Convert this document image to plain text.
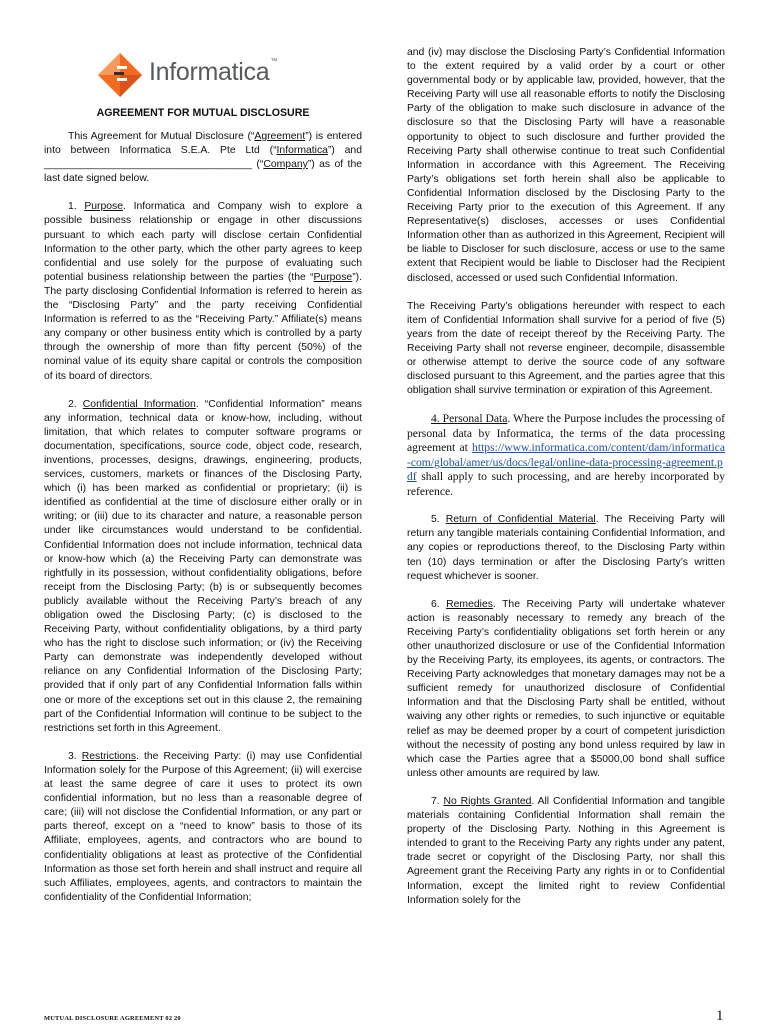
Informatica™
AGREEMENT FOR MUTUAL DISCLOSURE

This Agreement for Mutual Disclosure (“Agreement”) is entered into between Informatica S.E.A. Pte Ltd (“Informatica”) and ____________________________________ (“Company”) as of the last date signed below.

1. Purpose. Informatica and Company wish to explore a possible business relationship or engage in other discussions pursuant to which each party will disclose certain Confidential Information to the other party, which the other party agrees to keep confidential and use solely for the purpose of evaluating such potential business relationship between the parties (the “Purpose”). The party disclosing Confidential Information is referred to herein as the “Disclosing Party” and the party receiving Confidential Information is referred to as the “Receiving Party.” Affiliate(s) means any company or other business entity which is controlled by a party through the ownership of more than fifty percent (50%) of the nominal value of its equity share capital or controls the composition of its board of directors.

2. Confidential Information. “Confidential Information” means any information, technical data or know-how, including, without limitation, that which relates to computer software programs or documentation, specifications, source code, object code, research, inventions, processes, designs, drawings, engineering, products, services, customers, markets or finances of the Disclosing Party, which (i) has been marked as confidential or proprietary; (ii) is identified as confidential at the time of disclosure either orally or in writing; or (iii) due to its character and nature, a reasonable person under like circumstances would understand to be confidential. Confidential Information does not include information, technical data or know-how which (a) the Receiving Party can demonstrate was rightfully in its possession, without confidentiality obligations, before receipt from the Disclosing Party; (b) is or subsequently becomes publicly available without the Receiving Party’s breach of any obligation owed the Disclosing Party; (c) is disclosed to the Receiving Party, without confidentiality obligations, by a third party who has the right to disclose such information; or (iv) the Receiving Party can demonstrate was independently developed without reliance on any Confidential Information of the Disclosing Party; provided that if only part of any Confidential Information falls within one or more of the exceptions set out in this clause 2, the remaining part of the Confidential Information will continue to be subject to the restrictions set forth in this Agreement.

3. Restrictions. the Receiving Party: (i) may use Confidential Information solely for the Purpose of this Agreement; (ii) will exercise at least the same degree of care it uses to protect its own confidential information, but no less than a reasonable degree of care; (iii) will not disclose the Confidential Information, or any part or parts thereof, except on a “need to know” basis to those of its Affiliate, employees, agents, and contractors who are bound to confidentiality obligations at least as protective of the Confidential Information as those set forth herein and shall instruct and require all such Affiliates, employees, agents, and contractors to maintain the confidentiality of the Confidential Information;

and (iv) may disclose the Disclosing Party’s Confidential Information to the extent required by a valid order by a court or other governmental body or by applicable law, provided, however, that the Receiving Party will use all reasonable efforts to notify the Disclosing Party of the obligation to make such disclosure in advance of the disclosure so that the Disclosing Party will have a reasonable opportunity to object to such disclosure and further provided the Receiving Party shall otherwise continue to treat such Confidential Information in accordance with this Agreement. The Receiving Party’s obligations set forth herein shall also be applicable to Confidential Information disclosed by the Disclosing Party to the Receiving Party prior to the execution of this Agreement. If any Representative(s) discloses, accesses or uses Confidential Information other than as authorized in this Agreement, Recipient will be liable to Discloser for such disclosure, access or use to the same extent that Recipient would be liable to Discloser had the Recipient disclosed, accessed or used such Confidential Information.

The Receiving Party’s obligations hereunder with respect to each item of Confidential Information shall survive for a period of five (5) years from the date of receipt thereof by the Receiving Party. The Receiving Party shall not reverse engineer, decompile, disassemble or otherwise attempt to derive the source code of any software disclosed pursuant to this Agreement, and the parties agree that this obligation shall survive termination or expiration of this Agreement.

4. Personal Data. Where the Purpose includes the processing of personal data by Informatica, the terms of the data processing agreement at https://www.informatica.com/content/dam/informatica-com/global/amer/us/docs/legal/online-data-processing-agreement.pdf shall apply to such processing, and are hereby incorporated by reference.

5. Return of Confidential Material. The Receiving Party will return any tangible materials containing Confidential Information, and any copies or reproductions thereof, to the Disclosing Party within ten (10) days termination or after the Disclosing Party’s written request whichever is sooner.

6. Remedies. The Receiving Party will undertake whatever action is reasonably necessary to remedy any breach of the Receiving Party’s confidentiality obligations set forth herein or any other unauthorized disclosure or use of the Confidential Information by the Receiving Party, its employees, its agents, or contractors. The Receiving Party acknowledges that monetary damages may not be a sufficient remedy for unauthorized disclosure of Confidential Information and that the Disclosing Party shall be entitled, without waiving any other rights or remedies, to such injunctive or equitable relief as may be deemed proper by a court of competent jurisdiction without the necessity of posting any bond unless required by law in which case the Parties agree that a $5000,00 bond shall suffice unless other amounts are required by law.

7. No Rights Granted. All Confidential Information and tangible materials containing Confidential Information shall remain the property of the Disclosing Party. Nothing in this Agreement is intended to grant to the Receiving Party any rights under any patent, trade secret or copyright of the Disclosing Party, nor shall this Agreement grant the Receiving Party any rights in or to Confidential Information, except the limited right to review Confidential Information solely for the

MUTUAL DISCLOSURE AGREEMENT 02 20	1
